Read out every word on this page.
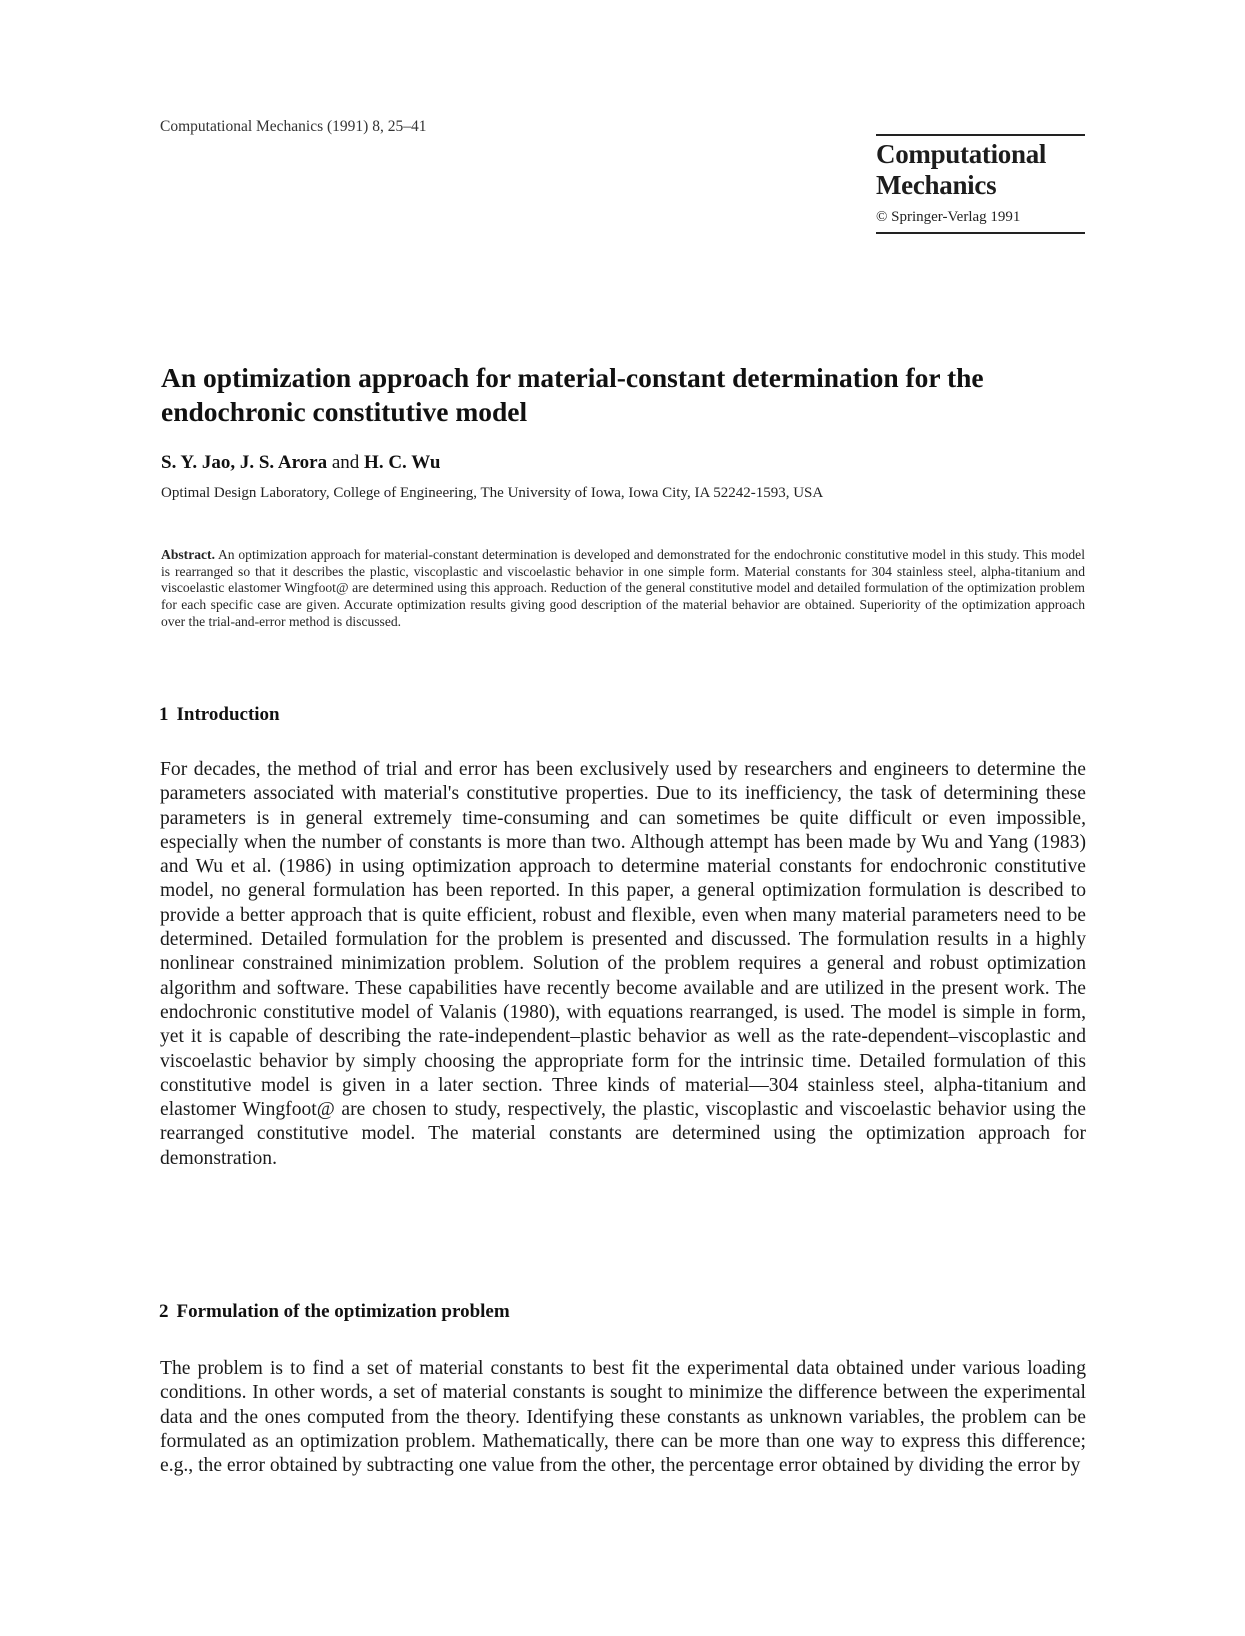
Computational Mechanics (1991) 8, 25–41
Computational
Mechanics
© Springer-Verlag 1991
An optimization approach for material-constant determination for the endochronic constitutive model
S. Y. Jao, J. S. Arora and H. C. Wu
Optimal Design Laboratory, College of Engineering, The University of Iowa, Iowa City, IA 52242-1593, USA
Abstract. An optimization approach for material-constant determination is developed and demonstrated for the endochronic constitutive model in this study. This model is rearranged so that it describes the plastic, viscoplastic and viscoelastic behavior in one simple form. Material constants for 304 stainless steel, alpha-titanium and viscoelastic elastomer Wingfoot@ are determined using this approach. Reduction of the general constitutive model and detailed formulation of the optimization problem for each specific case are given. Accurate optimization results giving good description of the material behavior are obtained. Superiority of the optimization approach over the trial-and-error method is discussed.
1 Introduction
For decades, the method of trial and error has been exclusively used by researchers and engineers to determine the parameters associated with material's constitutive properties. Due to its inefficiency, the task of determining these parameters is in general extremely time-consuming and can sometimes be quite difficult or even impossible, especially when the number of constants is more than two. Although attempt has been made by Wu and Yang (1983) and Wu et al. (1986) in using optimization approach to determine material constants for endochronic constitutive model, no general formulation has been reported. In this paper, a general optimization formulation is described to provide a better approach that is quite efficient, robust and flexible, even when many material parameters need to be determined. Detailed formulation for the problem is presented and discussed. The formulation results in a highly nonlinear constrained minimization problem. Solution of the problem requires a general and robust optimization algorithm and software. These capabilities have recently become available and are utilized in the present work. The endochronic constitutive model of Valanis (1980), with equations rearranged, is used. The model is simple in form, yet it is capable of describing the rate-independent–plastic behavior as well as the rate-dependent–viscoplastic and viscoelastic behavior by simply choosing the appropriate form for the intrinsic time. Detailed formulation of this constitutive model is given in a later section. Three kinds of material—304 stainless steel, alpha-titanium and elastomer Wingfoot@ are chosen to study, respectively, the plastic, viscoplastic and viscoelastic behavior using the rearranged constitutive model. The material constants are determined using the optimization approach for demonstration.
2 Formulation of the optimization problem
The problem is to find a set of material constants to best fit the experimental data obtained under various loading conditions. In other words, a set of material constants is sought to minimize the difference between the experimental data and the ones computed from the theory. Identifying these constants as unknown variables, the problem can be formulated as an optimization problem. Mathematically, there can be more than one way to express this difference; e.g., the error obtained by subtracting one value from the other, the percentage error obtained by dividing the error by
